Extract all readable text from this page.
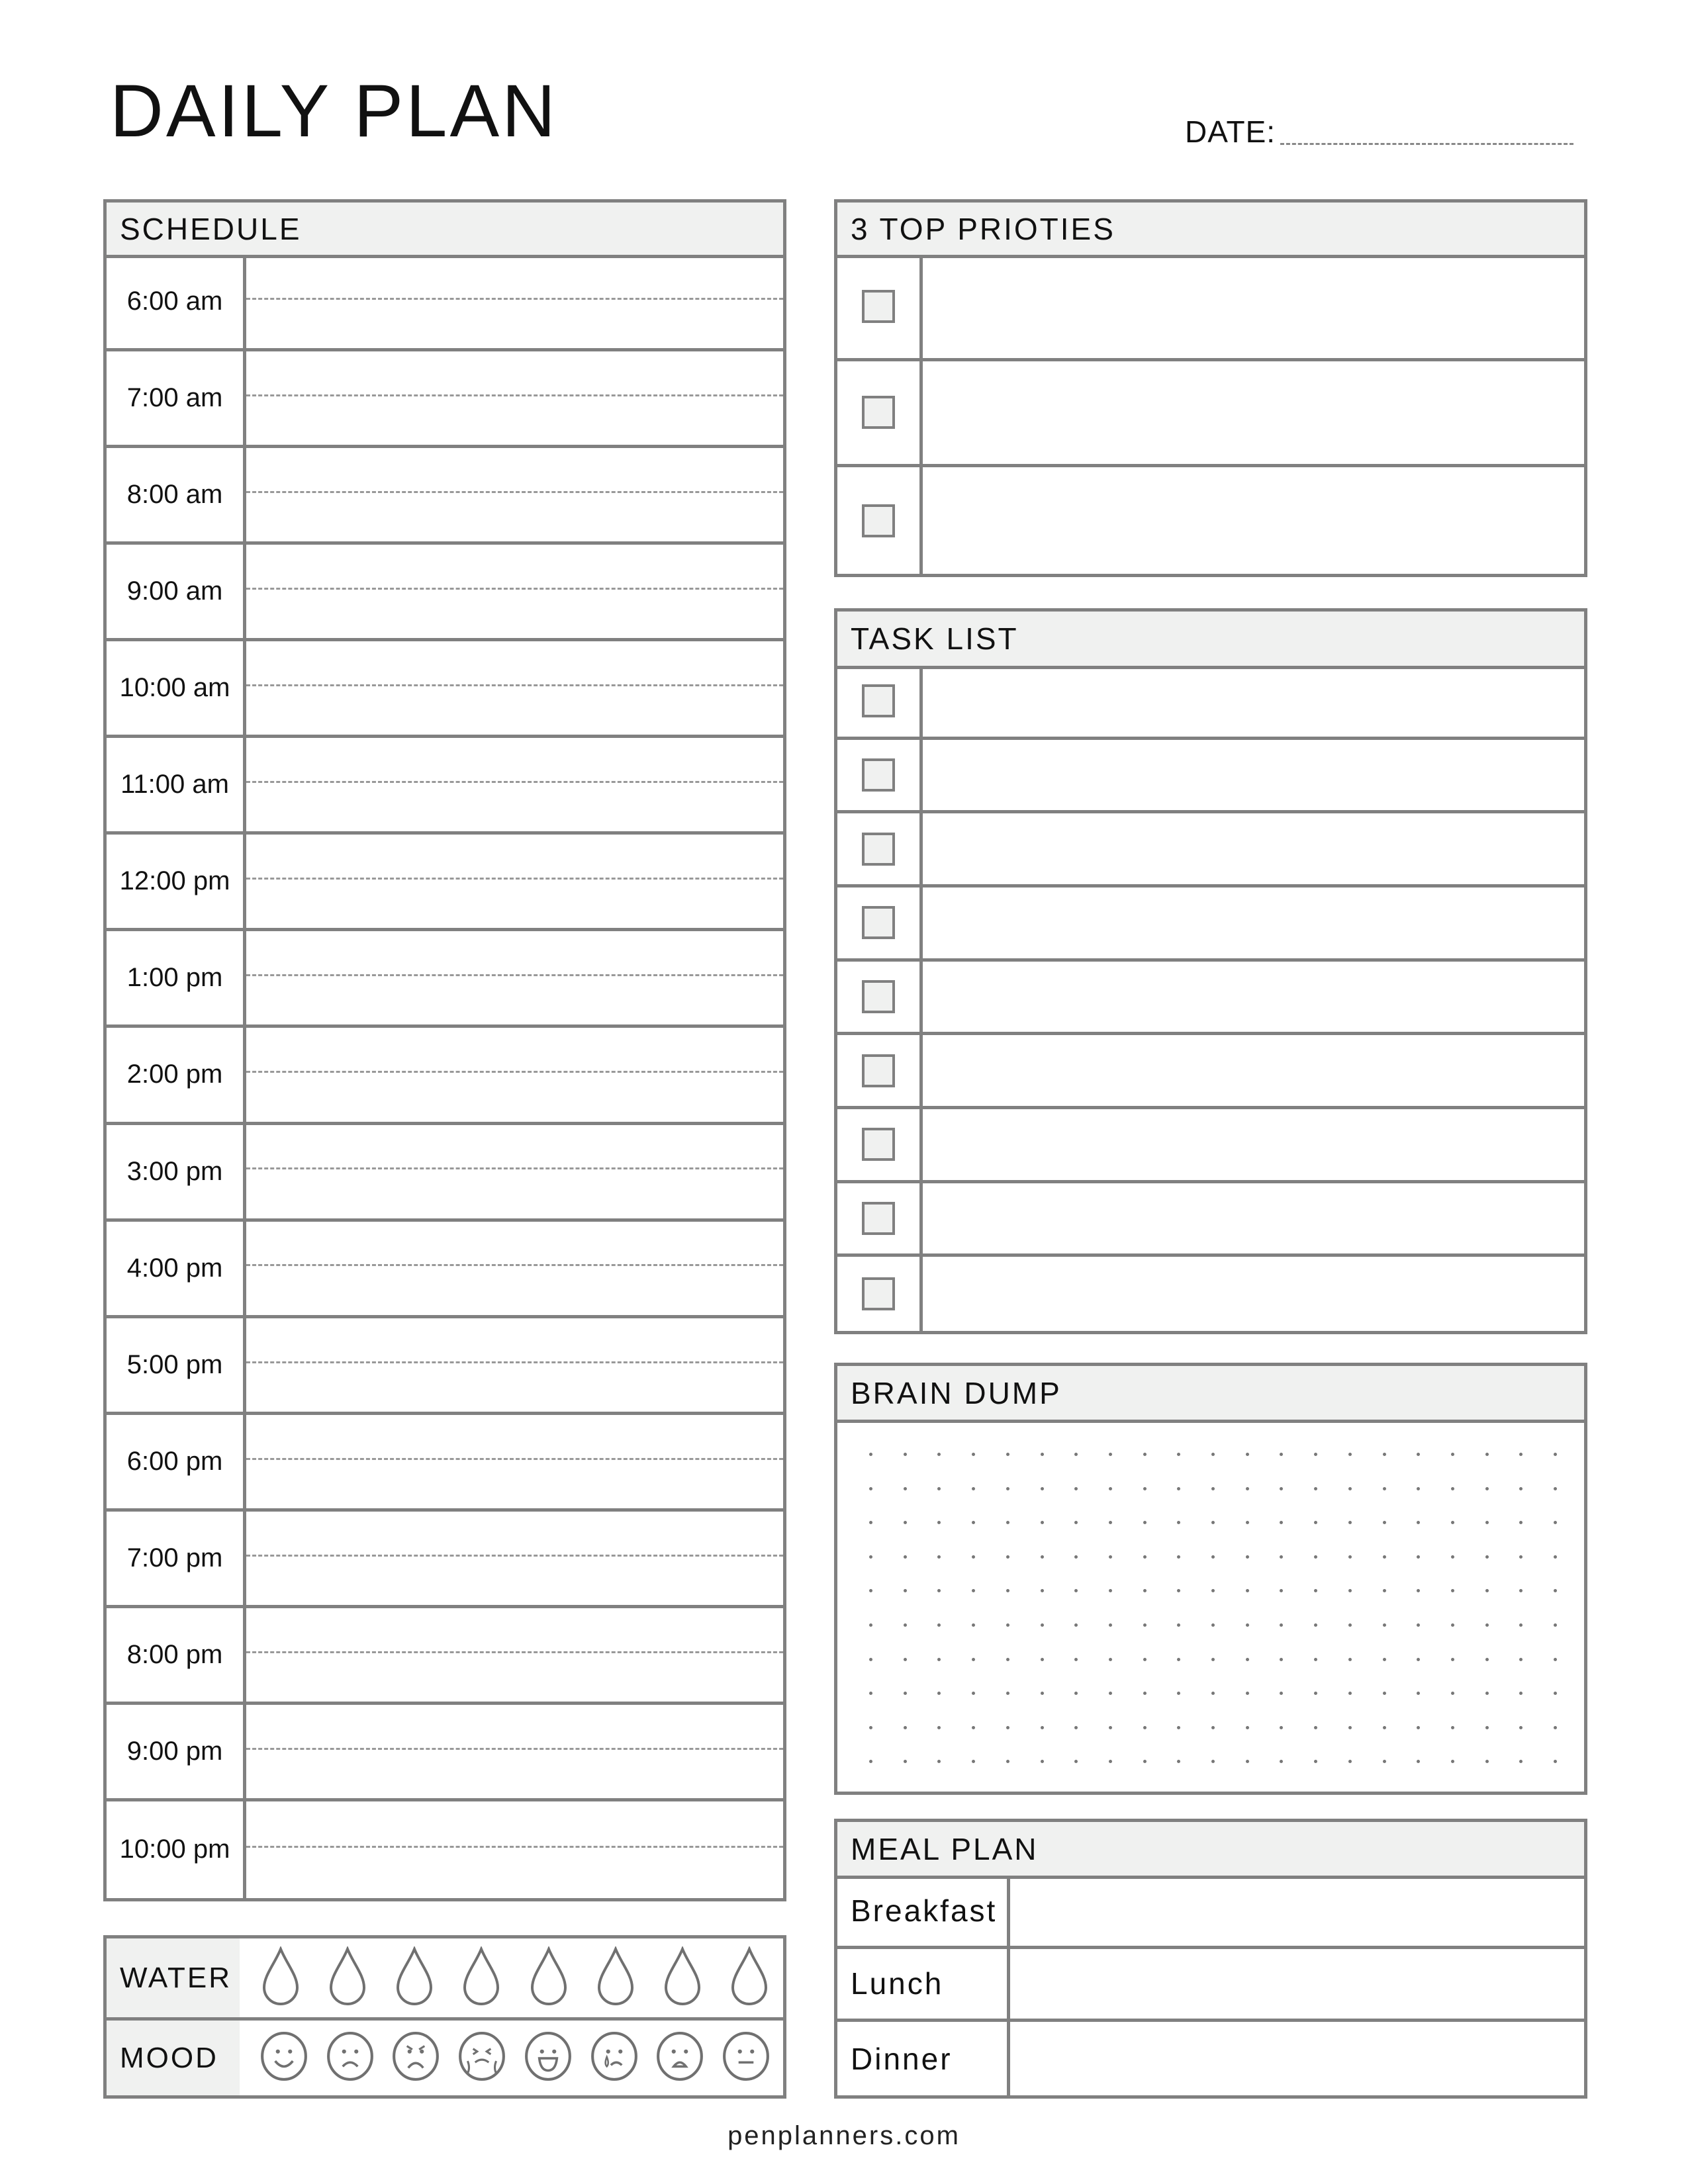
DAILY PLAN	DATE:
SCHEDULE
6:00 am
7:00 am
8:00 am
9:00 am
10:00 am
11:00 am
12:00 pm
1:00 pm
2:00 pm
3:00 pm
4:00 pm
5:00 pm
6:00 pm
7:00 pm
8:00 pm
9:00 pm
10:00 pm
WATER
MOOD
3 TOP PRIOTIES
TASK LIST
BRAIN DUMP
MEAL PLAN
Breakfast
Lunch
Dinner
penplanners.com
